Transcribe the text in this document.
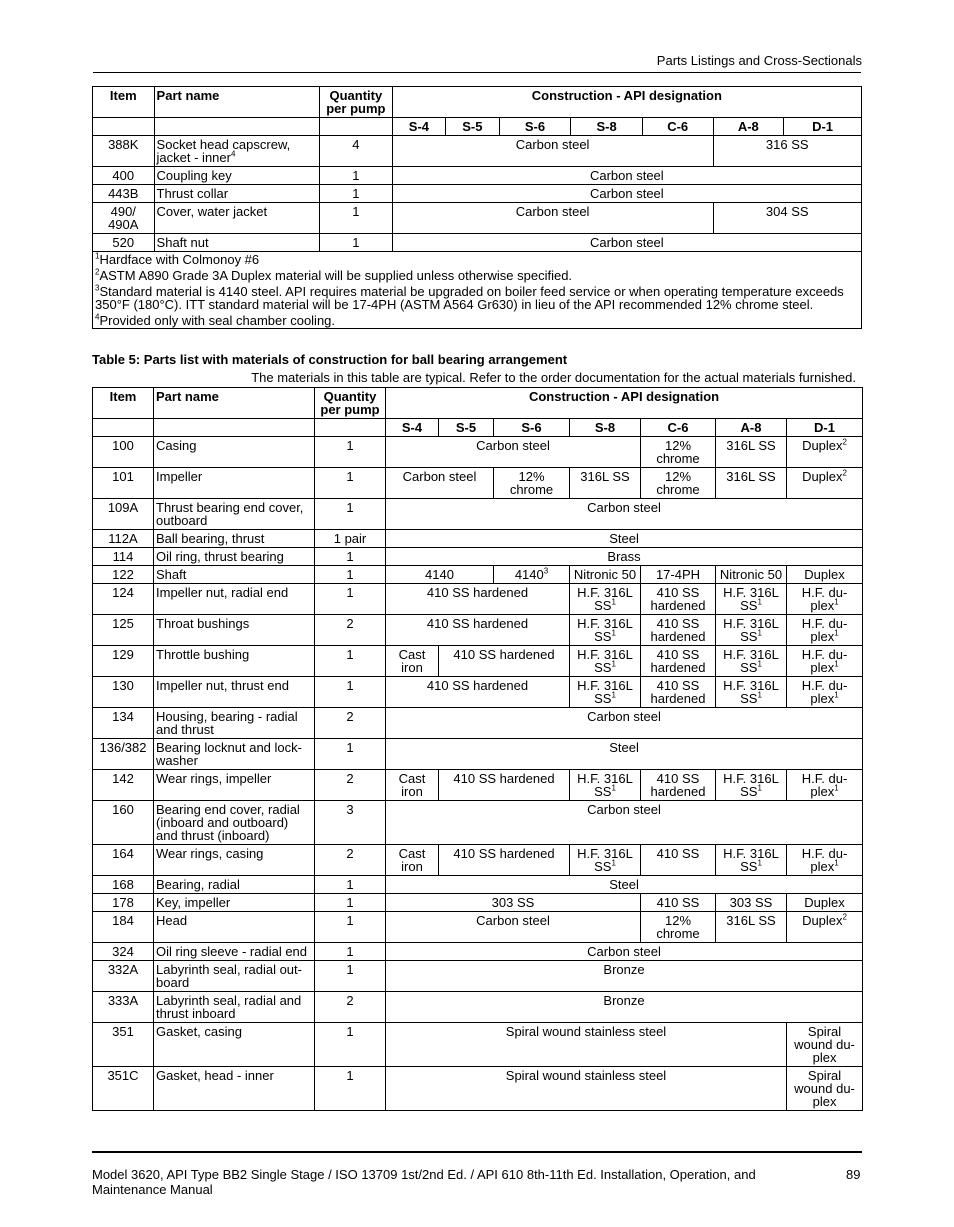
Parts Listings and Cross-Sectionals
Item	Part name	Quantity per pump	Construction - API designation						
			S-4	S-5	S-6	S-8	C-6	A-8	D-1
388K	Socket head capscrew, jacket - inner$^4$	4	Carbon steel					316 SS	
400	Coupling key	1	Carbon steel						
443B	Thrust collar	1	Carbon steel						
490/ 490A	Cover, water jacket	1	Carbon steel					304 SS	
520	Shaft nut	1	Carbon steel						

$^1$Hardface with Colmonoy #6
$^2$ASTM A890 Grade 3A Duplex material will be supplied unless otherwise specified.
$^3$Standard material is 4140 steel. API requires material be upgraded on boiler feed service or when operating temperature exceeds 350°F (180°C). ITT standard material will be 17-4PH (ASTM A564 Gr630) in lieu of the API recommended 12% chrome steel.
$^4$Provided only with seal chamber cooling.									
Table 5: Parts list with materials of construction for ball bearing arrangement
The materials in this table are typical. Refer to the order documentation for the actual materials furnished.
Item	Part name	Quantity per pump	Construction - API designation						
			S-4	S-5	S-6	S-8	C-6	A-8	D-1
100	Casing	1	Carbon steel				12% chrome	316L SS	Duplex$^2$
101	Impeller	1	Carbon steel		12% chrome	316L SS	12% chrome	316L SS	Duplex$^2$
109A	Thrust bearing end cover, outboard	1	Carbon steel						
112A	Ball bearing, thrust	1 pair	Steel						
114	Oil ring, thrust bearing	1	Brass						
122	Shaft	1	4140		4140$^3$	Nitronic 50	17-4PH	Nitronic 50	Duplex
124	Impeller nut, radial end	1	410 SS hardened			H.F. 316L $SS^1$	410 SS hardened	H.F. 316L $SS^1$	H.F. du-plex$^1$
125	Throat bushings	2	410 SS hardened			H.F. 316L $SS^1$	410 SS hardened	H.F. 316L $SS^1$	H.F. du-plex$^1$
129	Throttle bushing	1	Cast iron	410 SS hardened		H.F. 316L $SS^1$	410 SS hardened	H.F. 316L $SS^1$	H.F. du-plex$^1$
130	Impeller nut, thrust end	1	410 SS hardened			H.F. 316L $SS^1$	410 SS hardened	H.F. 316L $SS^1$	H.F. du-plex$^1$
134	Housing, bearing - radial and thrust	2	Carbon steel						
136/382	Bearing locknut and lock-washer	1	Steel						
142	Wear rings, impeller	2	Cast iron	410 SS hardened		H.F. 316L $SS^1$	410 SS hardened	H.F. 316L $SS^1$	H.F. du-plex$^1$
160	Bearing end cover, radial (inboard and outboard) and thrust (inboard)	3	Carbon steel						
164	Wear rings, casing	2	Cast iron	410 SS hardened		H.F. 316L $SS^1$	410 SS	H.F. 316L $SS^1$	H.F. du-plex$^1$
168	Bearing, radial	1	Steel						
178	Key, impeller	1	303 SS				410 SS	303 SS	Duplex
184	Head	1	Carbon steel				12% chrome	316L SS	Duplex$^2$
324	Oil ring sleeve - radial end	1	Carbon steel						
332A	Labyrinth seal, radial out-board	1	Bronze						
333A	Labyrinth seal, radial and thrust inboard	2	Bronze						
351	Gasket, casing	1	Spiral wound stainless steel						Spiral wound du-plex
351C	Gasket, head - inner	1	Spiral wound stainless steel						Spiral wound du-plex
Model 3620, API Type BB2 Single Stage / ISO 13709 1st/2nd Ed. / API 610 8th-11th Ed. Installation, Operation, and Maintenance Manual
89
